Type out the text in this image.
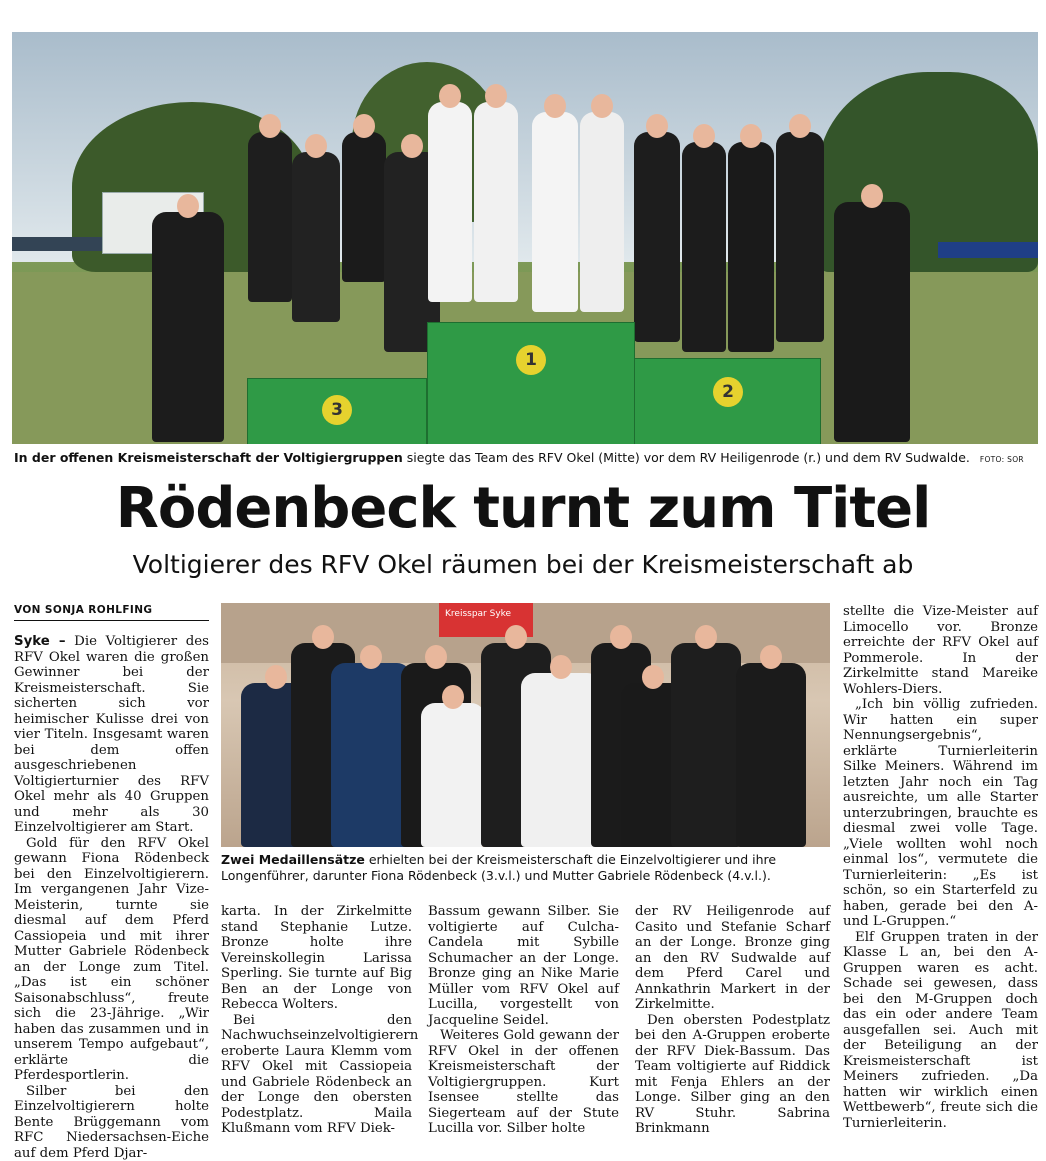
3
1
2
In der offenen Kreismeisterschaft der Voltigiergruppen siegte das Team des RFV Okel (Mitte) vor dem RV Heiligenrode (r.) und dem RV Sudwalde. FOTO: SOR
Rödenbeck turnt zum Titel
Voltigierer des RFV Okel räumen bei der Kreismeisterschaft ab
VON SONJA ROHLFING

Syke – Die Voltigierer des RFV Okel waren die großen Gewinner bei der Kreismeisterschaft. Sie sicherten sich vor heimischer Kulisse drei von vier Titeln. Insgesamt waren bei dem offen ausgeschriebenen Voltigierturnier des RFV Okel mehr als 40 Gruppen und mehr als 30 Einzelvoltigierer am Start.

Gold für den RFV Okel gewann Fiona Rödenbeck bei den Einzelvoltigierern. Im vergangenen Jahr Vize-Meisterin, turnte sie diesmal auf dem Pferd Cassiopeia und mit ihrer Mutter Gabriele Rödenbeck an der Longe zum Titel. „Das ist ein schöner Saisonabschluss“, freute sich die 23-Jährige. „Wir haben das zusammen und in unserem Tempo aufgebaut“, erklärte die Pferdesportlerin.

Silber bei den Einzelvoltigierern holte Bente Brüggemann vom RFC Niedersachsen-Eiche auf dem Pferd Djar-

Kreisspar Syke
Zwei Medaillensätze erhielten bei der Kreismeisterschaft die Einzelvoltigierer und ihre Longenführer, darunter Fiona Rödenbeck (3.v.l.) und Mutter Gabriele Rödenbeck (4.v.l.).

karta. In der Zirkelmitte stand Stephanie Lutze. Bronze holte ihre Vereinskollegin Larissa Sperling. Sie turnte auf Big Ben an der Longe von Rebecca Wolters.

Bei den Nachwuchseinzelvoltigierern eroberte Laura Klemm vom RFV Okel mit Cassiopeia und Gabriele Rödenbeck an der Longe den obersten Podestplatz. Maila Klußmann vom RFV Diek-

Bassum gewann Silber. Sie voltigierte auf Culcha-Candela mit Sybille Schumacher an der Longe. Bronze ging an Nike Marie Müller vom RFV Okel auf Lucilla, vorgestellt von Jacqueline Seidel.

Weiteres Gold gewann der RFV Okel in der offenen Kreismeisterschaft der Voltigiergruppen. Kurt Isensee stellte das Siegerteam auf der Stute Lucilla vor. Silber holte

der RV Heiligenrode auf Casito und Stefanie Scharf an der Longe. Bronze ging an den RV Sudwalde auf dem Pferd Carel und Annkathrin Markert in der Zirkelmitte.

Den obersten Podestplatz bei den A-Gruppen eroberte der RFV Diek-Bassum. Das Team voltigierte auf Riddick mit Fenja Ehlers an der Longe. Silber ging an den RV Stuhr. Sabrina Brinkmann

stellte die Vize-Meister auf Limocello vor. Bronze erreichte der RFV Okel auf Pommerole. In der Zirkelmitte stand Mareike Wohlers-Diers.

„Ich bin völlig zufrieden. Wir hatten ein super Nennungsergebnis“, erklärte Turnierleiterin Silke Meiners. Während im letzten Jahr noch ein Tag ausreichte, um alle Starter unterzubringen, brauchte es diesmal zwei volle Tage. „Viele wollten wohl noch einmal los“, vermutete die Turnierleiterin: „Es ist schön, so ein Starterfeld zu haben, gerade bei den A- und L-Gruppen.“

Elf Gruppen traten in der Klasse L an, bei den A-Gruppen waren es acht. Schade sei gewesen, dass bei den M-Gruppen doch das ein oder andere Team ausgefallen sei. Auch mit der Beteiligung an der Kreismeisterschaft ist Meiners zufrieden. „Da hatten wir wirklich einen Wettbewerb“, freute sich die Turnierleiterin.
